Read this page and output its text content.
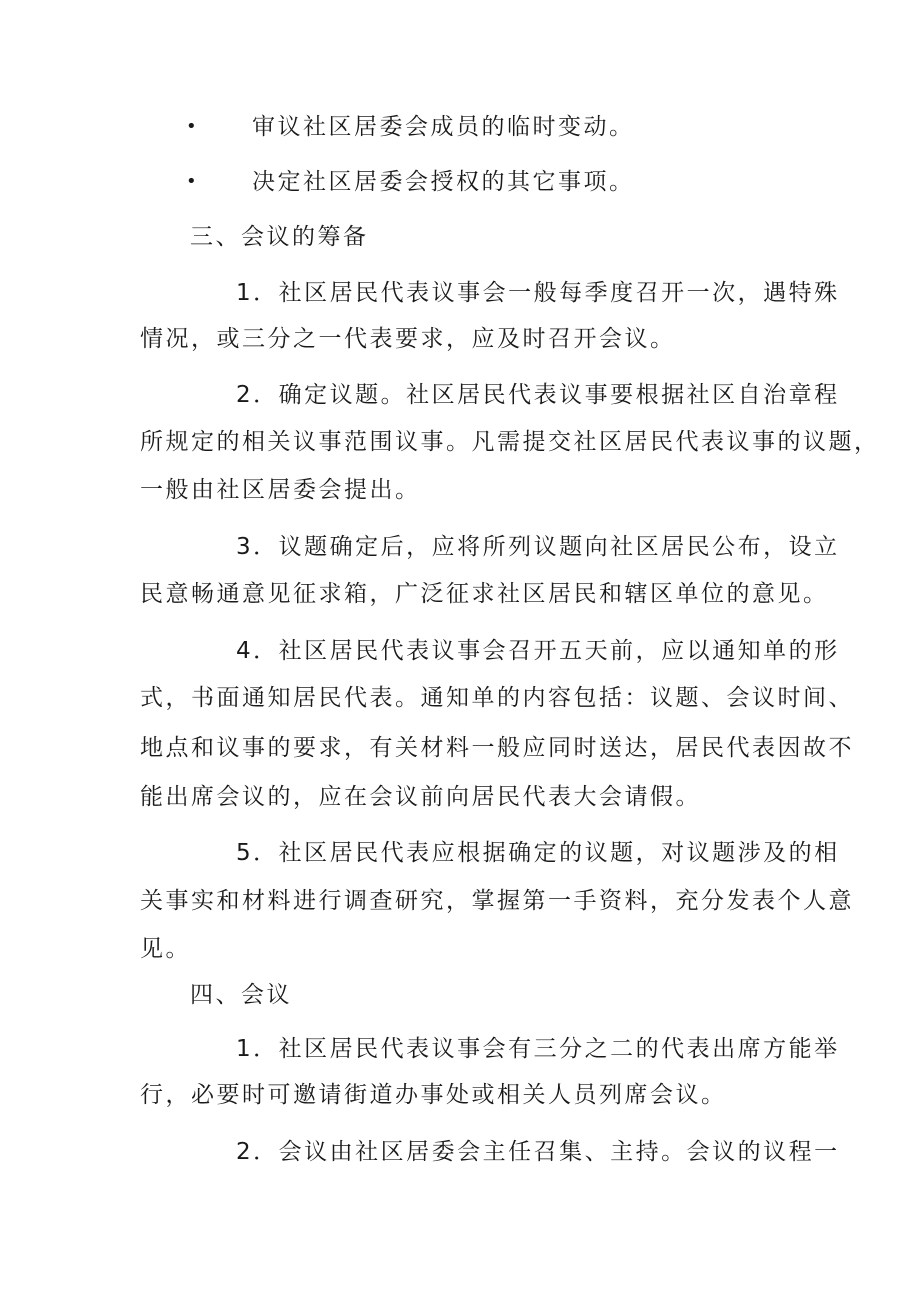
• 审议社区居委会成员的临时变动。
• 决定社区居委会授权的其它事项。
三、会议的筹备
1．社区居民代表议事会一般每季度召开一次，遇特殊
情况，或三分之一代表要求，应及时召开会议。
2．确定议题。社区居民代表议事要根据社区自治章程
所规定的相关议事范围议事。凡需提交社区居民代表议事的议题，
一般由社区居委会提出。
3．议题确定后，应将所列议题向社区居民公布，设立
民意畅通意见征求箱，广泛征求社区居民和辖区单位的意见。
4．社区居民代表议事会召开五天前，应以通知单的形
式，书面通知居民代表。通知单的内容包括：议题、会议时间、
地点和议事的要求，有关材料一般应同时送达，居民代表因故不
能出席会议的，应在会议前向居民代表大会请假。
5．社区居民代表应根据确定的议题，对议题涉及的相
关事实和材料进行调查研究，掌握第一手资料，充分发表个人意
见。
四、会议
1．社区居民代表议事会有三分之二的代表出席方能举
行，必要时可邀请街道办事处或相关人员列席会议。
2．会议由社区居委会主任召集、主持。会议的议程一
